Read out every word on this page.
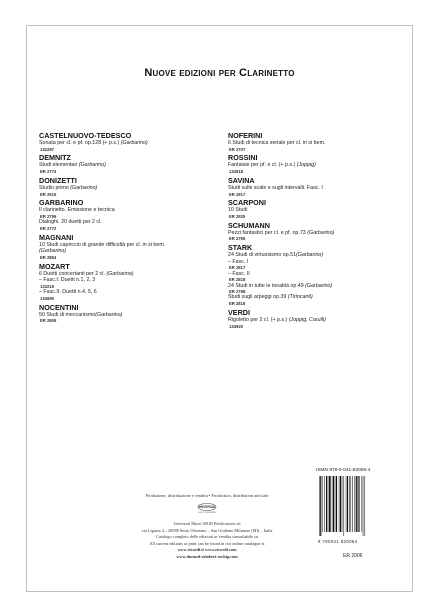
Nuove edizioni per Clarinetto
CASTELNUOVO-TEDESCO
Sonata per cl. e pf. op.128 (+ p.s.) (Garbarino)
132287
DEMNITZ
Studi elementari (Garbarino)
ER 2774
DONIZETTI
Studio primo (Garbarino)
ER 2915
GARBARINO
Il clarinetto. Emissione e tecnica
ER 2796
Dialoghi. 20 duetti per 2 cl.
ER 2772
MAGNANI
10 Studi capriccio di grande difficoltà per cl. in si bem.
(Garbarino)
ER 2854
MOZART
6 Duetti concertanti per 2 cl. (Garbarino)
– Fasc.I: Duetti n.1, 2, 3
133219
– Fasc.II: Duetti n.4, 5, 6
133695
NOCENTINI
50 Studi di meccanismo(Garbarino)
ER 2809
NOFERINI
6 Studi di tecnica seriale per cl. in si bem.
ER 2707
ROSSINI
Fantaisie per pf. e cl. (+ p.s.) (Joppig)
134918
SAVINA
Studi sulle scale e sugli intervalli. Fasc. I
ER 2917
SCARPONI
10 Studi
ER 2925
SCHUMANN
Pezzi fantastici per cl. e pf. op.73 (Garbarino)
ER 2765
STARK
24 Studi di virtuosismo op.51(Garbarino)
– Fasc. I
ER 2817
– Fasc. II
ER 2818
24 Studi in tutte le tonalità op.49 (Garbarino)
ER 2768
Studi sugli arpeggi op.39 (Tirincanti)
ER 2816
VERDI
Rigoletto per 2 cl. (+ p.s.) (Joppig, Carulli)
134920
Produzione, distribuzione e vendita • Production, distribution and sale
UNIVERSAL
MUSIC PUBLISHING
Universal Music MGB Publications srl
via Liguria 4 – 20098 Sesto Ulteriano – San Giuliano Milanese (MI) – Italia
Catalogo completo delle edizioni in vendita consultabile su
All current editions as print can be found in our online catalogue at
www.ricordi.it www.ricordi.com
www.durand-salabert-eschig.com
ISMN 979-0-041-82006-4
9 790041 820064
ER 2006
